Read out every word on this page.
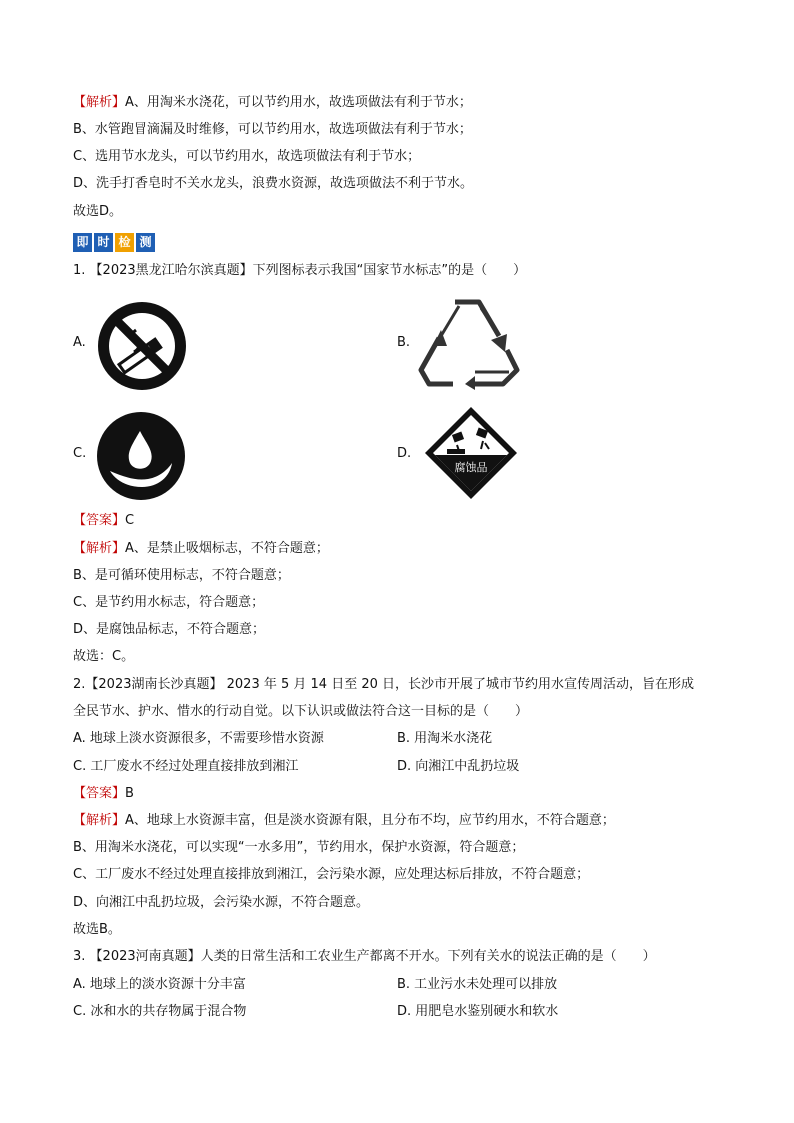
【解析】A、用淘米水浇花，可以节约用水，故选项做法有利于节水；
B、水管跑冒滴漏及时维修，可以节约用水，故选项做法有利于节水；
C、选用节水龙头，可以节约用水，故选项做法有利于节水；
D、洗手打香皂时不关水龙头，浪费水资源，故选项做法不利于节水。
故选D。
即 时 检 测
1. 【2023黑龙江哈尔滨真题】下列图标表示我国“国家节水标志”的是（　　）
A.	B.
C.	D.
腐蚀品
【答案】C
【解析】A、是禁止吸烟标志，不符合题意；
B、是可循环使用标志，不符合题意；
C、是节约用水标志，符合题意；
D、是腐蚀品标志，不符合题意；
故选：C。
2.【2023湖南长沙真题】 2023 年 5 月 14 日至 20 日，长沙市开展了城市节约用水宣传周活动，旨在形成
全民节水、护水、惜水的行动自觉。以下认识或做法符合这一目标的是（　　）
A. 地球上淡水资源很多，不需要珍惜水资源	B. 用淘米水浇花
C. 工厂废水不经过处理直接排放到湘江	D. 向湘江中乱扔垃圾
【答案】B
【解析】A、地球上水资源丰富，但是淡水资源有限，且分布不均，应节约用水，不符合题意；
B、用淘米水浇花，可以实现“一水多用”，节约用水，保护水资源，符合题意；
C、工厂废水不经过处理直接排放到湘江，会污染水源，应处理达标后排放，不符合题意；
D、向湘江中乱扔垃圾，会污染水源，不符合题意。
故选B。
3. 【2023河南真题】人类的日常生活和工农业生产都离不开水。下列有关水的说法正确的是（　　）
A. 地球上的淡水资源十分丰富	B. 工业污水未处理可以排放
C. 冰和水的共存物属于混合物	D. 用肥皂水鉴别硬水和软水
